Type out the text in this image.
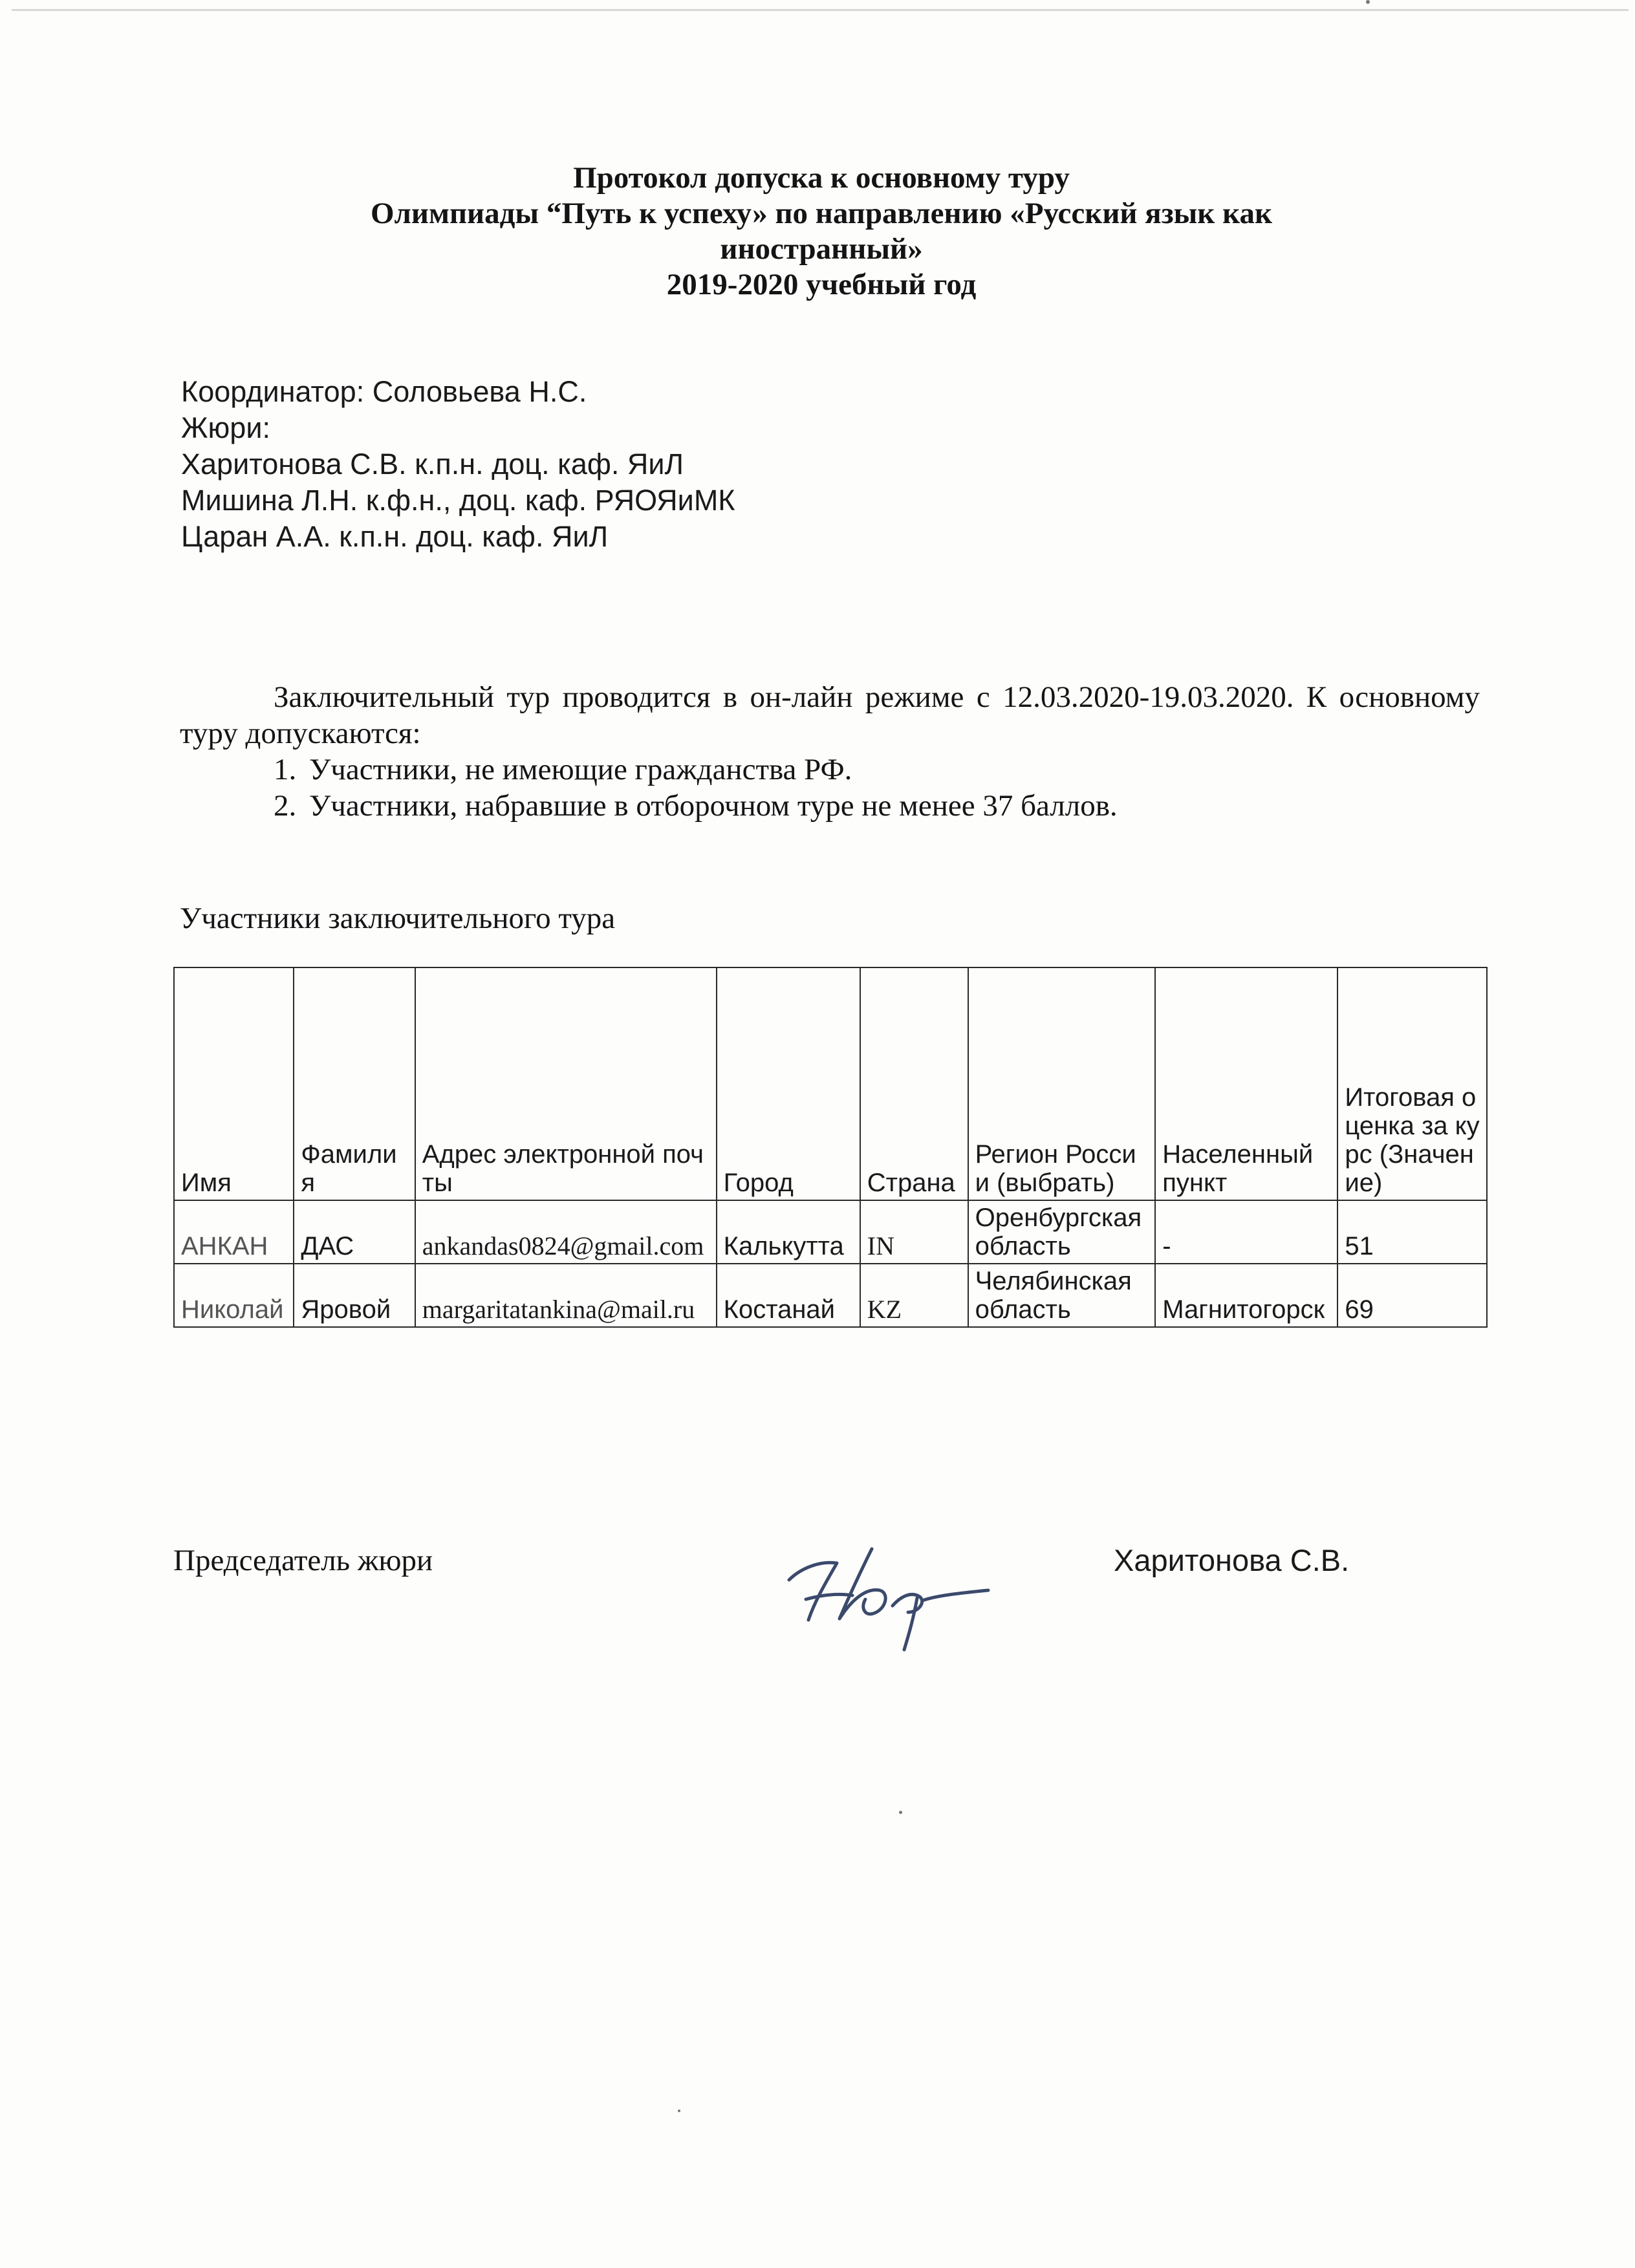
Протокол допуска к основному туру
Олимпиады “Путь к успеху» по направлению «Русский язык как
иностранный»
2019-2020 учебный год
Координатор: Соловьева Н.С.
Жюри:
Харитонова С.В. к.п.н. доц. каф. ЯиЛ
Мишина Л.Н. к.ф.н., доц. каф. РЯОЯиМК
Царан А.А. к.п.н. доц. каф. ЯиЛ
Заключительный тур проводится в он-лайн режиме с 12.03.2020-19.03.2020. К основному туру допускаются:
1. Участники, не имеющие гражданства РФ.
2. Участники, набравшие в отборочном туре не менее 37 баллов.
Участники заключительного тура
Имя	Фамилия	Адрес электронной почты	Город	Страна	Регион России (выбрать)	Населенный пункт	Итоговая оценка за курс (Значение)
АНКАН	ДАС	ankandas0824@gmail.com	Калькутта	IN	Оренбургская область	-	51
Николай	Яровой	margaritatankina@mail.ru	Костанай	KZ	Челябинская область	Магнитогорск	69
Председатель жюри	Харитонова С.В.
